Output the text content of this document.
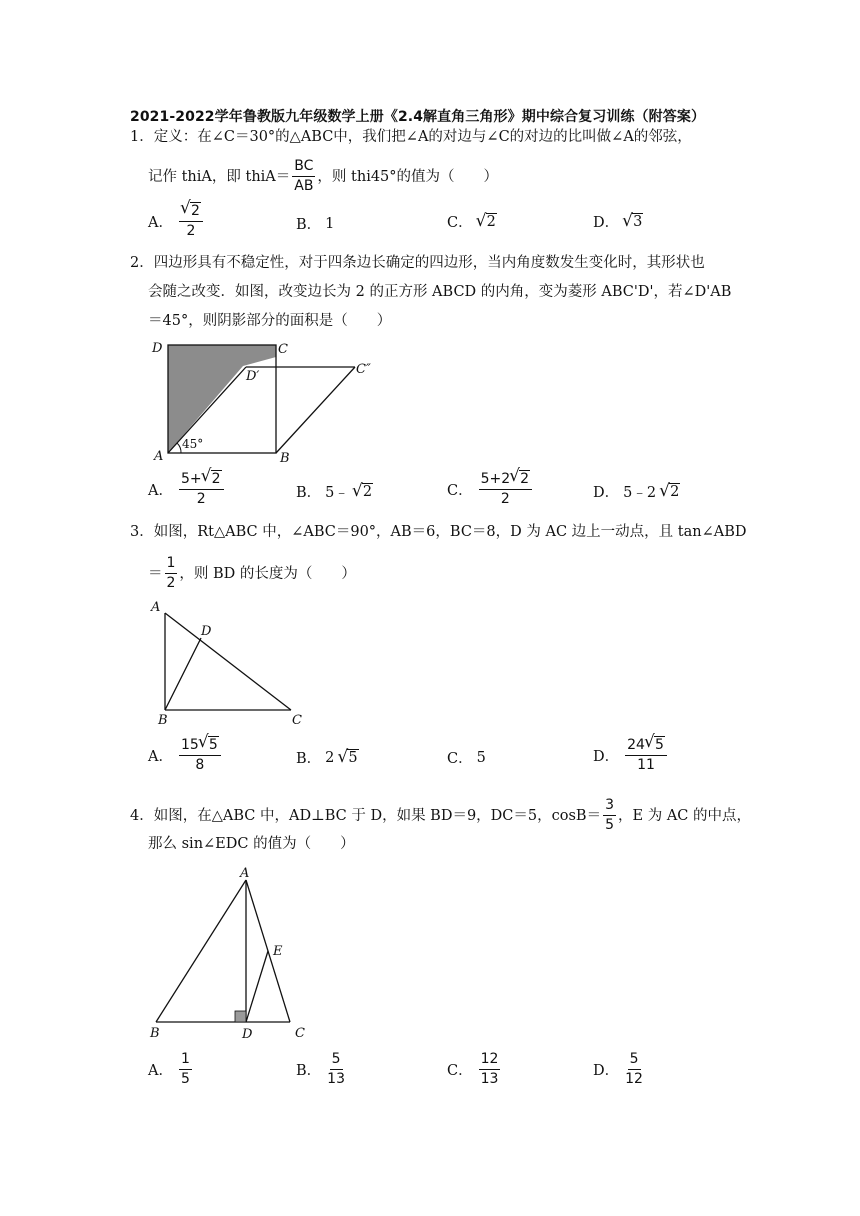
2021-2022学年鲁教版九年级数学上册《2.4解直角三角形》期中综合复习训练（附答案）
1．定义：在∠C＝30°的△ABC中，我们把∠A的对边与∠C的对边的比叫做∠A的邻弦，
记作 thiA，即 thiA＝ $\frac{BC}{AB}$ ，则 thi45°的值为（　　）
A． √ $\frac{2}{2}$	B． 1	C． √ 2	D． √ 3
2．四边形具有不稳定性，对于四条边长确定的四边形，当内角度数发生变化时，其形状也
会随之改变．如图，改变边长为 2 的正方形 ABCD 的内角，变为菱形 ABC'D'，若∠D'AB
＝45°，则阴影部分的面积是（　　）
D	C
D′	C″
A	B
45°
A． $\frac{5+ √ 2}{2}$	B． 5﹣ √ 2	C． $\frac{5+2 √ 2}{2}$	D． 5﹣2 √ 2
3．如图，Rt△ABC 中，∠ABC＝90°，AB＝6，BC＝8，D 为 AC 边上一动点，且 tan∠ABD
＝ $\frac{1}{2}$ ，则 BD 的长度为（　　）
A
D
B	C
A． $\frac{15 √ 5}{8}$	B． 2 √ 5	C． 5	D． $\frac{24 √ 5}{11}$
4．如图，在△ABC 中，AD⊥BC 于 D，如果 BD＝9，DC＝5，$\cos B= \frac{3}{5}$ ，E 为 AC 的中点，
那么 sin∠EDC 的值为（　　）
A
E
B	D	C
A． $\frac{1}{5}$	B． $\frac{5}{13}$	C． $\frac{12}{13}$	D． $\frac{5}{12}$
